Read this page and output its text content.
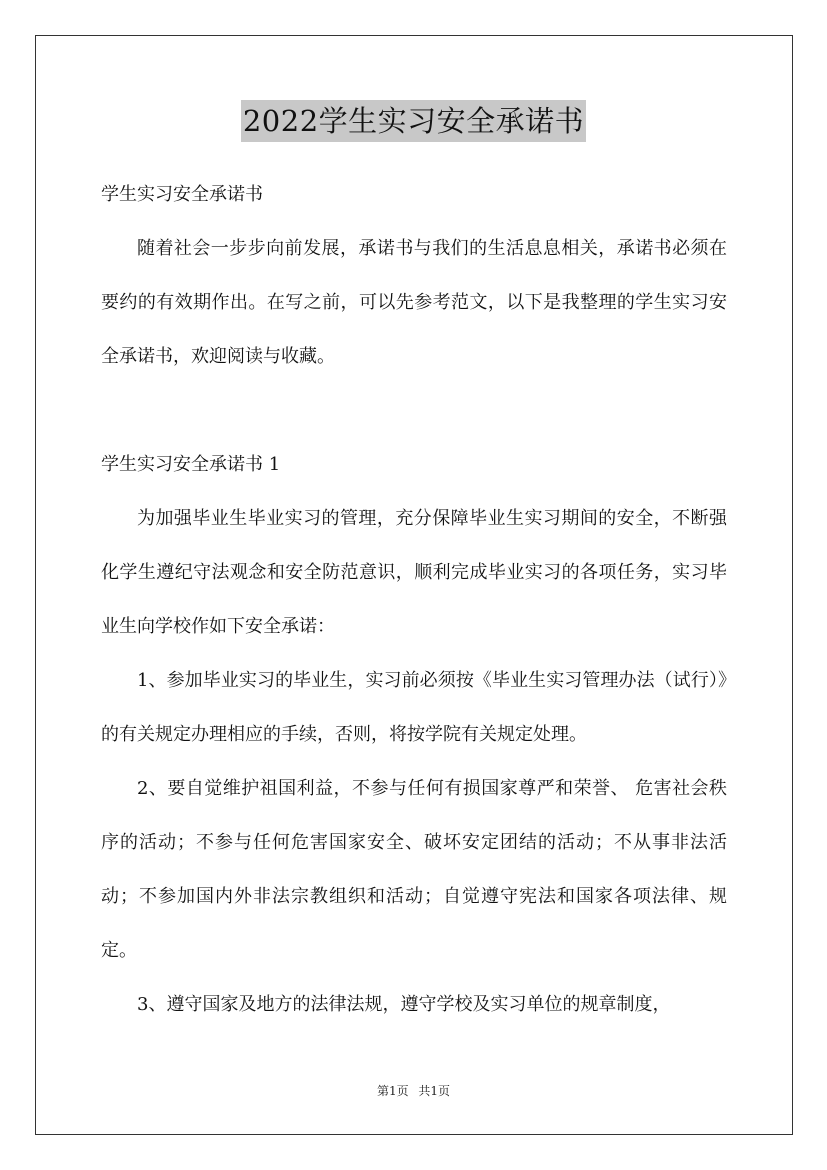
2022学生实习安全承诺书

学生实习安全承诺书

随着社会一步步向前发展，承诺书与我们的生活息息相关，承诺书必须在要约的有效期作出。在写之前，可以先参考范文，以下是我整理的学生实习安全承诺书，欢迎阅读与收藏。

学生实习安全承诺书 1

为加强毕业生毕业实习的管理，充分保障毕业生实习期间的安全，不断强化学生遵纪守法观念和安全防范意识，顺利完成毕业实习的各项任务，实习毕业生向学校作如下安全承诺：

1、参加毕业实习的毕业生，实习前必须按《毕业生实习管理办法（试行）》的有关规定办理相应的手续，否则，将按学院有关规定处理。

2、要自觉维护祖国利益，不参与任何有损国家尊严和荣誉、 危害社会秩序的活动；不参与任何危害国家安全、破坏安定团结的活动；不从事非法活动；不参加国内外非法宗教组织和活动；自觉遵守宪法和国家各项法律、规定。

3、遵守国家及地方的法律法规，遵守学校及实习单位的规章制度，

第1页 共1页
